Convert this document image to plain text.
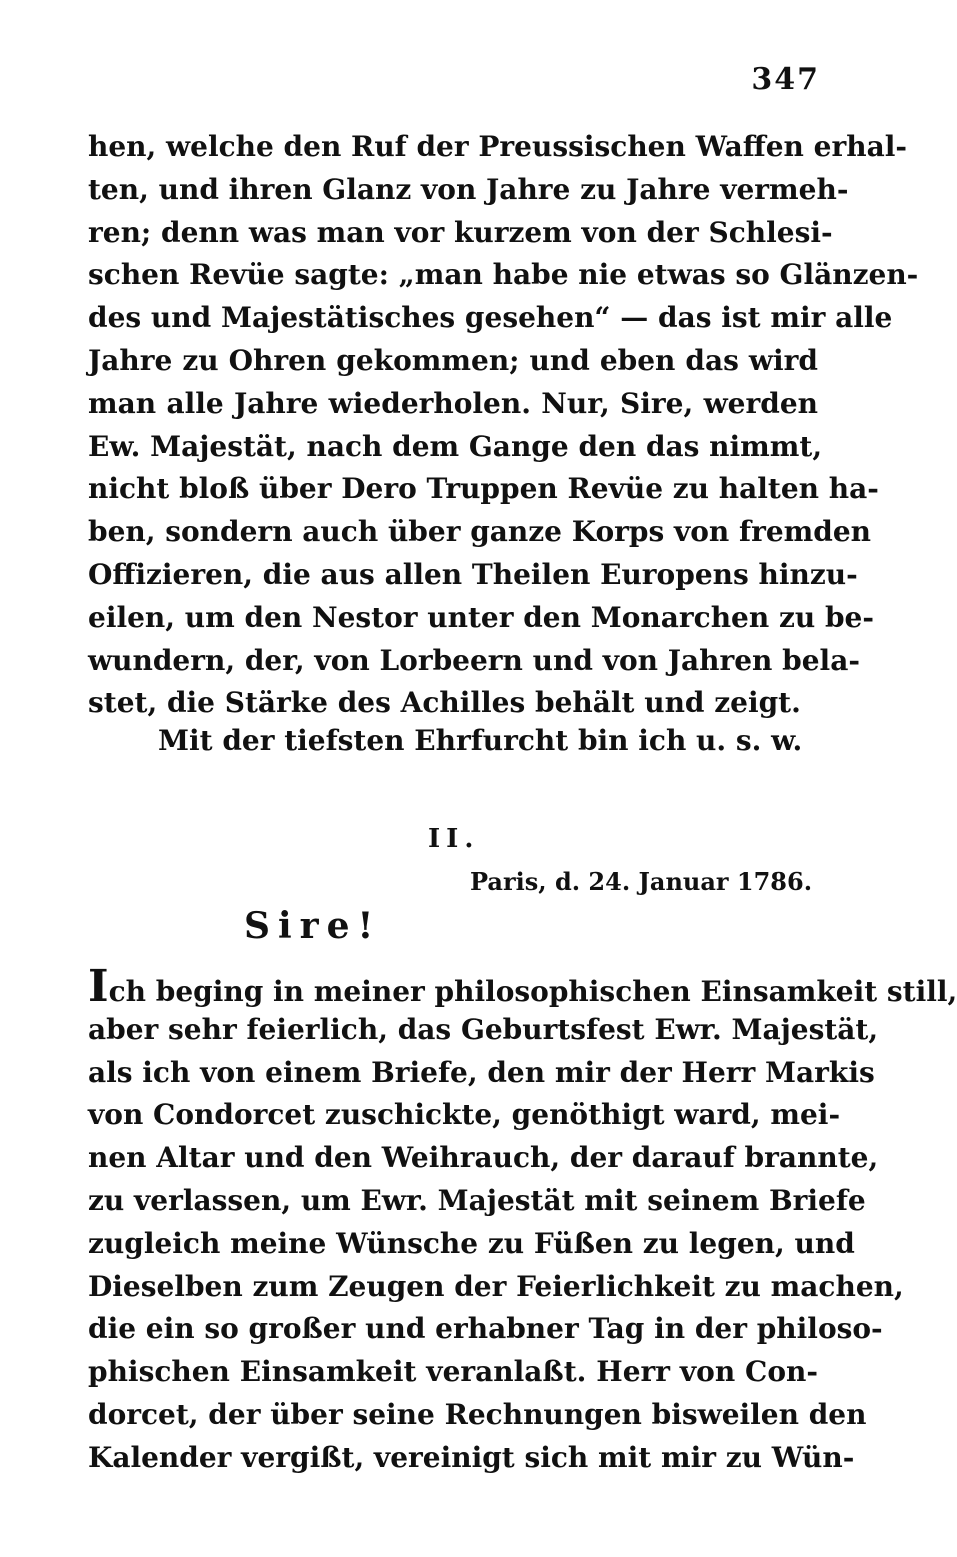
347
hen, welche den Ruf der Preussischen Waffen erhal-
ten, und ihren Glanz von Jahre zu Jahre vermeh-
ren; denn was man vor kurzem von der Schlesi-
schen Revüe sagte: „man habe nie etwas so Glänzen-
des und Majestätisches gesehen“ — das ist mir alle
Jahre zu Ohren gekommen; und eben das wird
man alle Jahre wiederholen. Nur, Sire, werden
Ew. Majestät, nach dem Gange den das nimmt,
nicht bloß über Dero Truppen Revüe zu halten ha-
ben, sondern auch über ganze Korps von fremden
Offizieren, die aus allen Theilen Europens hinzu-
eilen, um den Nestor unter den Monarchen zu be-
wundern, der, von Lorbeern und von Jahren bela-
stet, die Stärke des Achilles behält und zeigt.
Mit der tiefsten Ehrfurcht bin ich u. s. w.
II.
Paris, d. 24. Januar 1786.
Sire!
Ich beging in meiner philosophischen Einsamkeit still,
aber sehr feierlich, das Geburtsfest Ewr. Majestät,
als ich von einem Briefe, den mir der Herr Markis
von Condorcet zuschickte, genöthigt ward, mei-
nen Altar und den Weihrauch, der darauf brannte,
zu verlassen, um Ewr. Majestät mit seinem Briefe
zugleich meine Wünsche zu Füßen zu legen, und
Dieselben zum Zeugen der Feierlichkeit zu machen,
die ein so großer und erhabner Tag in der philoso-
phischen Einsamkeit veranlaßt. Herr von Con-
dorcet, der über seine Rechnungen bisweilen den
Kalender vergißt, vereinigt sich mit mir zu Wün-
